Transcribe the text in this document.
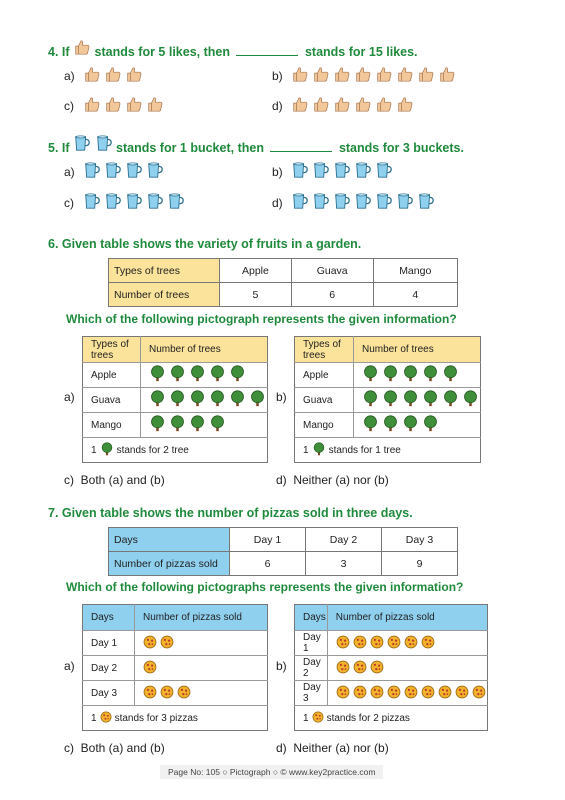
4. If stands for 5 likes, then	stands for 15 likes.
a)	b)
c)	d)
5. If	stands for 1 bucket, then	stands for 3 buckets.
a)	b)
c)	d)
6. Given table shows the variety of fruits in a garden.
Types of trees	Apple	Guava	Mango
Number of trees	5	6	4
Which of the following pictograph represents the given information?
a)
Types of trees	Number of trees
Apple	

Guava	

Mango	

1 stands for 2 tree	
b)
Types of trees	Number of trees
Apple	

Guava	

Mango	

1 stands for 1 tree	
c)  Both (a) and (b)	d)  Neither (a) nor (b)
7. Given table shows the number of pizzas sold in three days.
Days	Day 1	Day 2	Day 3
Number of pizzas sold	6	3	9
Which of the following pictographs represents the given information?
a)
Days	Number of pizzas sold
Day 1	

Day 2	

Day 3	

1 stands for 3 pizzas	
b)
Days	Number of pizzas sold
Day 1	

Day 2	

Day 3	

1 stands for 2 pizzas	
c)  Both (a) and (b)	d)  Neither (a) nor (b)
Page No: 105 ○ Pictograph ○ © www.key2practice.com
